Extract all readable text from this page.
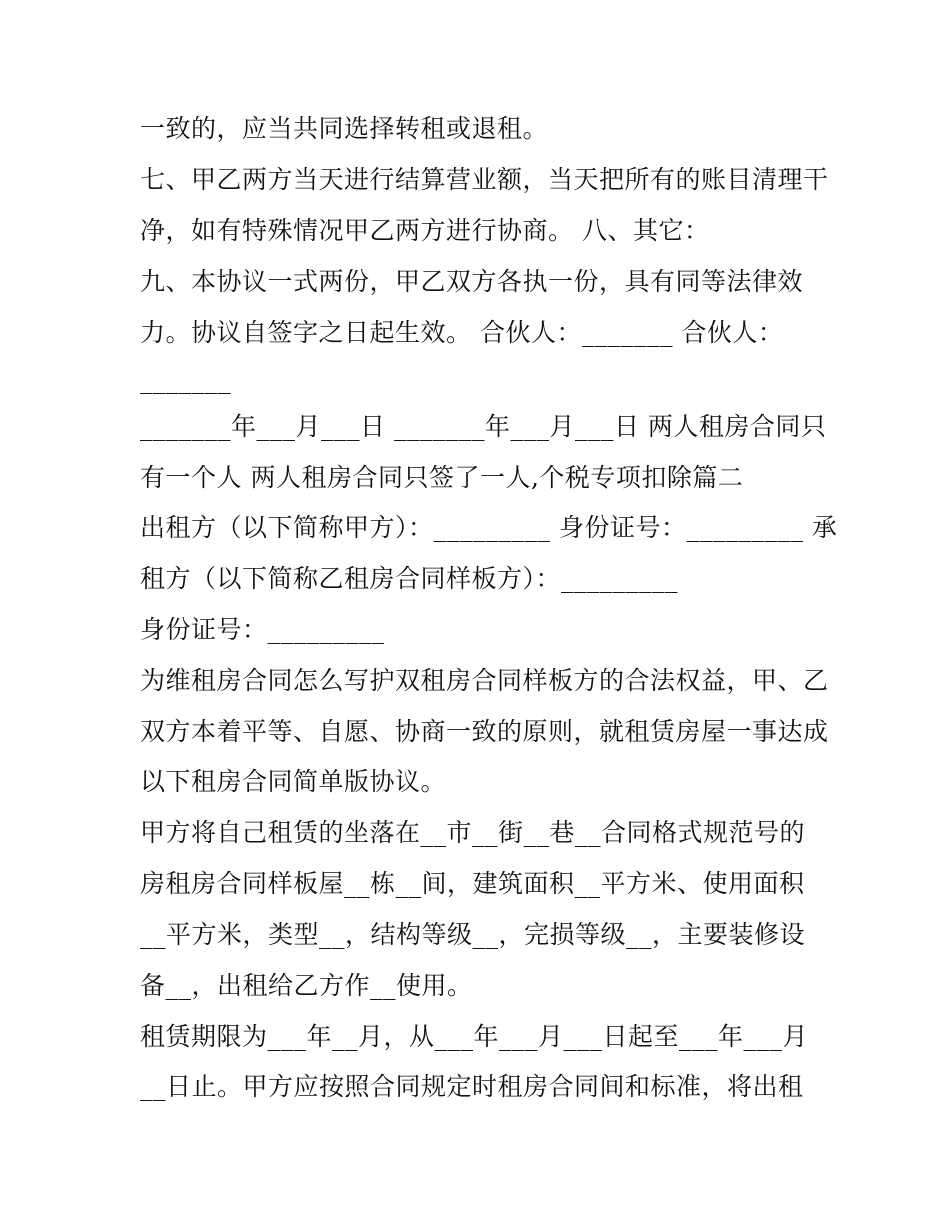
一致的，应当共同选择转租或退租。
七、甲乙两方当天进行结算营业额，当天把所有的账目清理干
净，如有特殊情况甲乙两方进行协商。 八、其它：
九、本协议一式两份，甲乙双方各执一份，具有同等法律效
力。协议自签字之日起生效。 合伙人：_______ 合伙人：
_______
_______年___月___日 _______年___月___日 两人租房合同只
有一个人 两人租房合同只签了一人,个税专项扣除篇二
出租方（以下简称甲方）：_________ 身份证号：_________ 承
租方（以下简称乙租房合同样板方）：_________
身份证号：_________
为维租房合同怎么写护双租房合同样板方的合法权益，甲、乙
双方本着平等、自愿、协商一致的原则，就租赁房屋一事达成
以下租房合同简单版协议。
甲方将自己租赁的坐落在__市__街__巷__合同格式规范号的
房租房合同样板屋__栋__间，建筑面积__平方米、使用面积
__平方米，类型__，结构等级__，完损等级__，主要装修设
备__，出租给乙方作__使用。
租赁期限为___年__月，从___年___月___日起至___年___月
__日止。甲方应按照合同规定时租房合同间和标准，将出租
